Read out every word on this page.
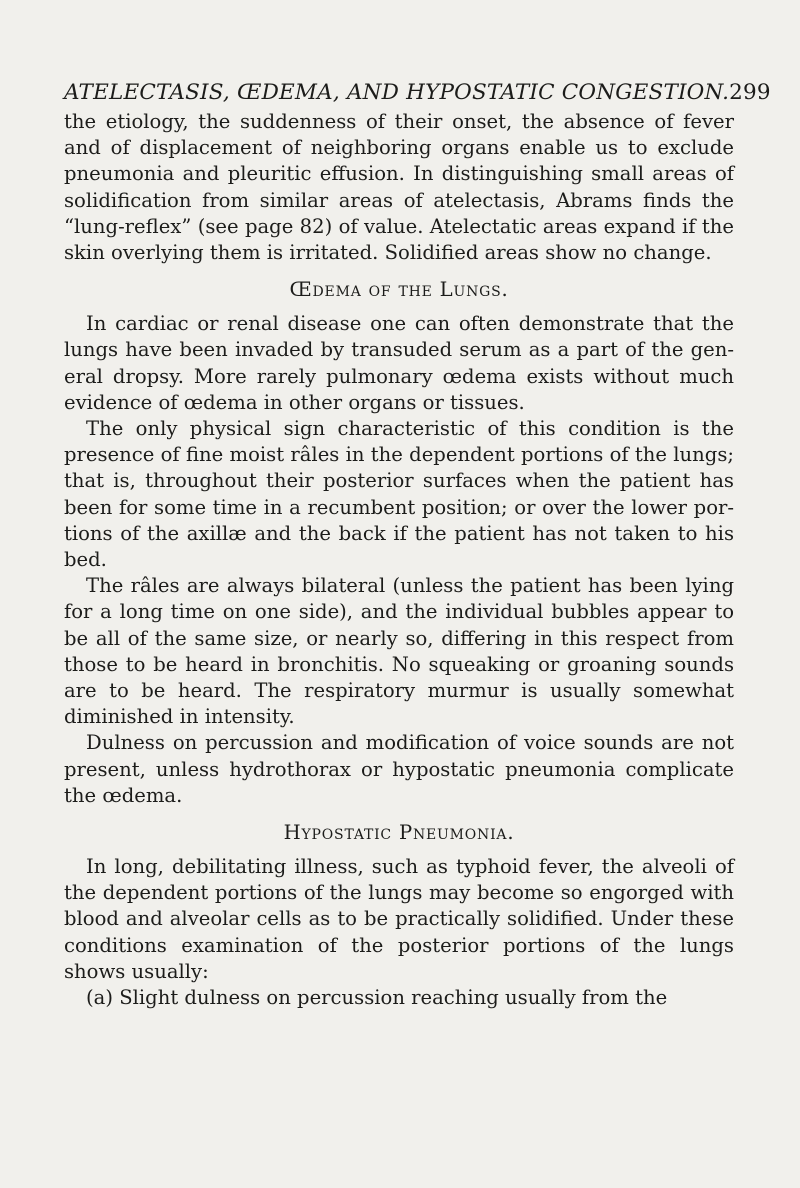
ATELECTASIS, ŒDEMA, AND HYPOSTATIC CONGESTION. 299

the etiology, the suddenness of their onset, the absence of fever and of displacement of neighboring organs enable us to exclude pneumonia and pleuritic effusion. In distinguishing small areas of solidification from similar areas of atelectasis, Abrams finds the “lung-reflex” (see page 82) of value. Atelectatic areas expand if the skin overlying them is irritated. Solidified areas show no change.

Œdema of the Lungs.

In cardiac or renal disease one can often demonstrate that the lungs have been invaded by transuded serum as a part of the general dropsy. More rarely pulmonary œdema exists without much evidence of œdema in other organs or tissues.

The only physical sign characteristic of this condition is the presence of fine moist râles in the dependent portions of the lungs; that is, throughout their posterior surfaces when the patient has been for some time in a recumbent position; or over the lower portions of the axillæ and the back if the patient has not taken to his bed.

The râles are always bilateral (unless the patient has been lying for a long time on one side), and the individual bubbles appear to be all of the same size, or nearly so, differing in this respect from those to be heard in bronchitis. No squeaking or groaning sounds are to be heard. The respiratory murmur is usually somewhat diminished in intensity.

Dulness on percussion and modification of voice sounds are not present, unless hydrothorax or hypostatic pneumonia complicate the œdema.

Hypostatic Pneumonia.

In long, debilitating illness, such as typhoid fever, the alveoli of the dependent portions of the lungs may become so engorged with blood and alveolar cells as to be practically solidified. Under these conditions examination of the posterior portions of the lungs shows usually:

(a) Slight dulness on percussion reaching usually from the
